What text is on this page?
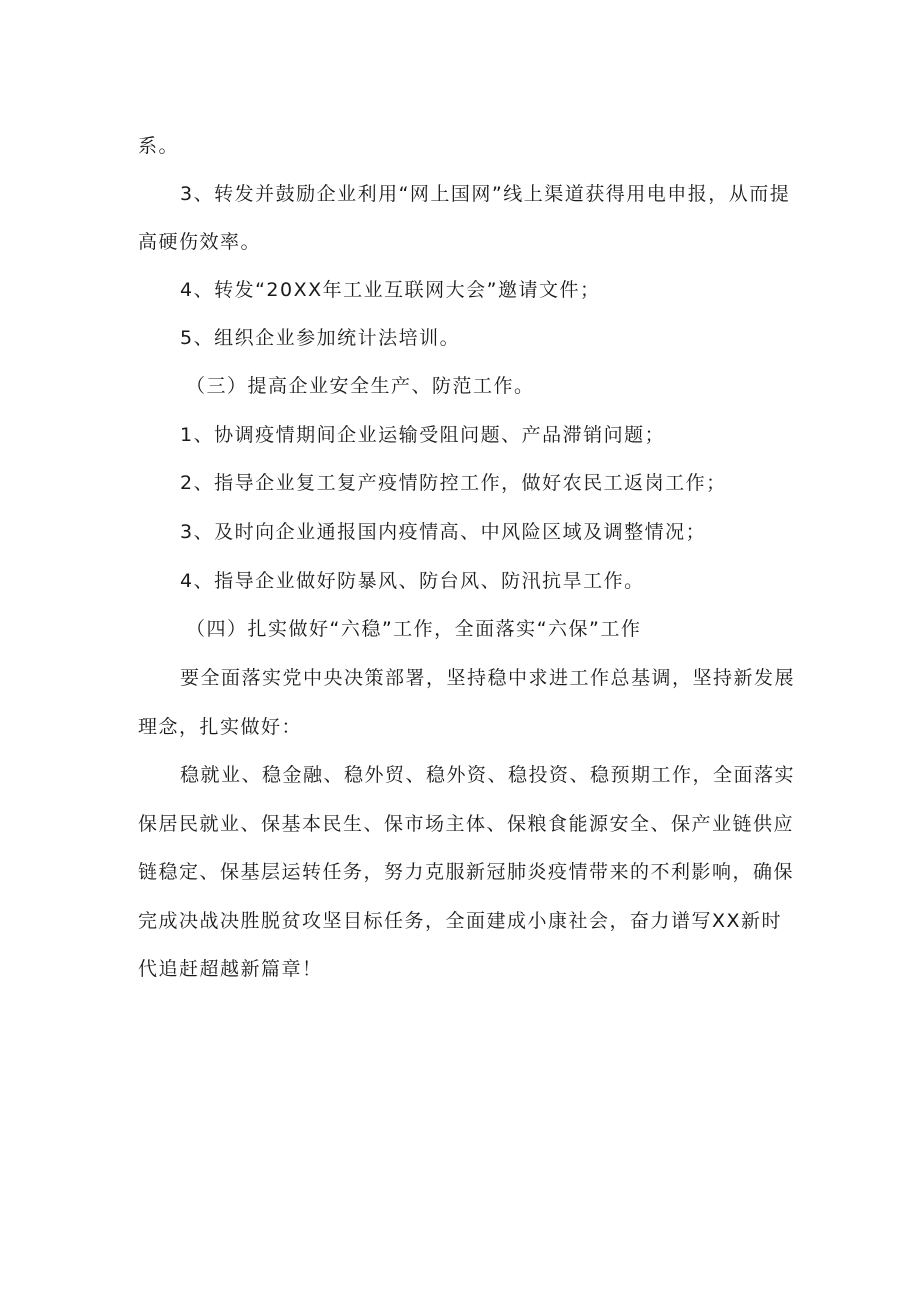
系。

3、转发并鼓励企业利用“网上国网”线上渠道获得用电申报，从而提

高硬伤效率。

4、转发“20XX年工业互联网大会”邀请文件；

5、组织企业参加统计法培训。

（三）提高企业安全生产、防范工作。

1、协调疫情期间企业运输受阻问题、产品滞销问题；

2、指导企业复工复产疫情防控工作，做好农民工返岗工作；

3、及时向企业通报国内疫情高、中风险区域及调整情况；

4、指导企业做好防暴风、防台风、防汛抗旱工作。

（四）扎实做好“六稳”工作，全面落实“六保”工作

要全面落实党中央决策部署，坚持稳中求进工作总基调，坚持新发展

理念，扎实做好：

稳就业、稳金融、稳外贸、稳外资、稳投资、稳预期工作，全面落实

保居民就业、保基本民生、保市场主体、保粮食能源安全、保产业链供应

链稳定、保基层运转任务，努力克服新冠肺炎疫情带来的不利影响，确保

完成决战决胜脱贫攻坚目标任务，全面建成小康社会，奋力谱写XX新时

代追赶超越新篇章！
